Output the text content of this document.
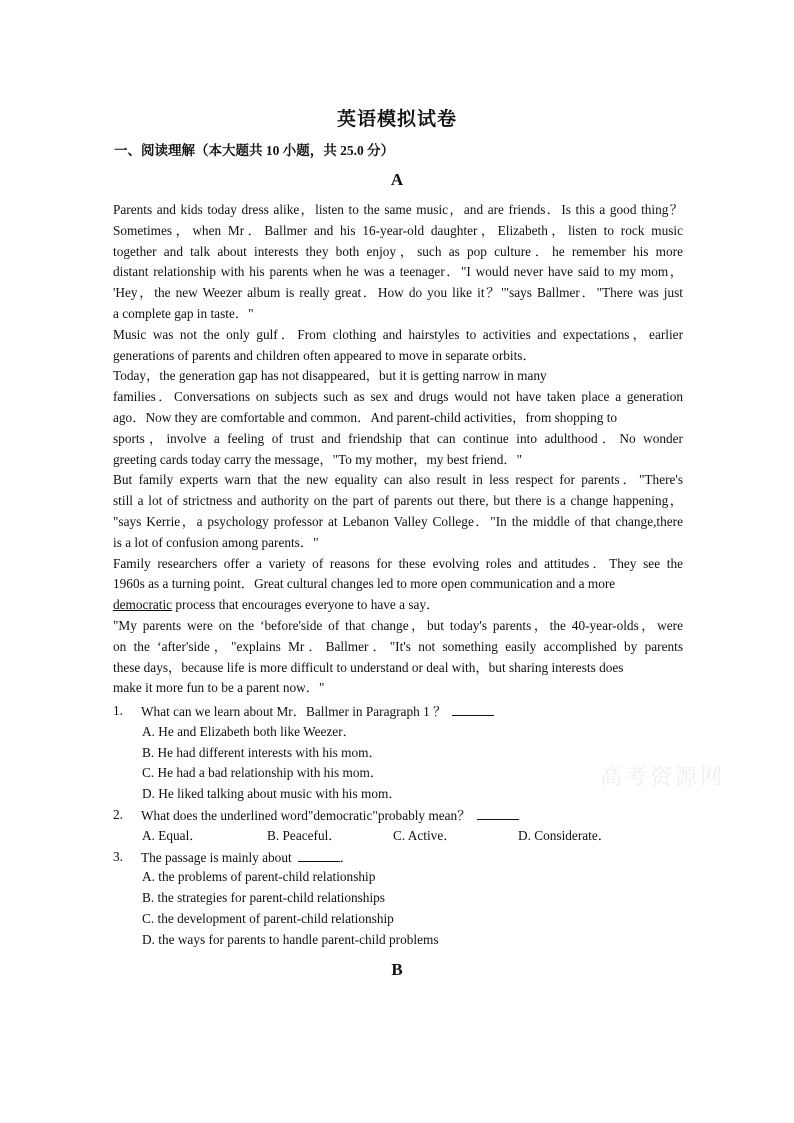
英语模拟试卷
一、阅读理解（本大题共 10 小题，共 25.0 分）
A
Parents and kids today dress alike，listen to the same music，and are friends．Is this a good thing？
Sometimes，when Mr．Ballmer and his 16-year-old daughter，Elizabeth，listen to rock music
together and talk about interests they both enjoy，such as pop culture．he remember his more
distant relationship with his parents when he was a teenager．"I would never have said to my mom，
'Hey，the new Weezer album is really great．How do you like it？'"says Ballmer．"There was just
a complete gap in taste．"
Music was not the only gulf．From clothing and hairstyles to activities and expectations，earlier
generations of parents and children often appeared to move in separate orbits．
Today，the generation gap has not disappeared，but it is getting narrow in many
families．Conversations on subjects such as sex and drugs would not have taken place a generation
ago．Now they are comfortable and common．And parent-child activities，from shopping to
sports，involve a feeling of trust and friendship that can continue into adulthood．No wonder
greeting cards today carry the message，"To my mother，my best friend．"
But family experts warn that the new equality can also result in less respect for parents．"There's
still a lot of strictness and authority on the part of parents out there, but there is a change happening，
"says Kerrie，a psychology professor at Lebanon Valley College．"In the middle of that change,there
is a lot of confusion among parents．"
Family researchers offer a variety of reasons for these evolving roles and attitudes．They see the
1960s as a turning point．Great cultural changes led to more open communication and a more
democratic process that encourages everyone to have a say．
"My parents were on the ‘before'side of that change，but today's parents，the 40-year-olds，were
on the ‘after'side，"explains Mr．Ballmer．"It's not something easily accomplished by parents
these days，because life is more difficult to understand or deal with，but sharing interests does
make it more fun to be a parent now．"
1. What can we learn about Mr．Ballmer in Paragraph 1 ？
A. He and Elizabeth both like Weezer．
B. He had different interests with his mom．
C. He had a bad relationship with his mom．
D. He liked talking about music with his mom．
2. What does the underlined word"democratic"probably mean？
A. Equal．	B. Peaceful．	C. Active．	D. Considerate．
3. The passage is mainly about	．
A. the problems of parent-child relationship
B. the strategies for parent-child relationships
C. the development of parent-child relationship
D. the ways for parents to handle parent-child problems
B
高考资源网
